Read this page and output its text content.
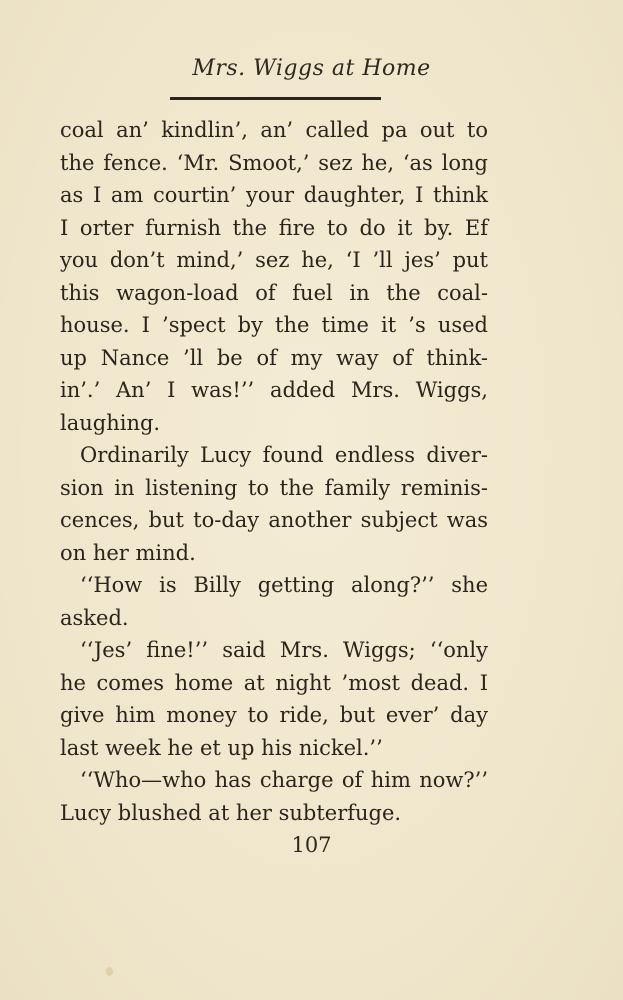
Mrs. Wiggs at Home
coal an’ kindlin’, an’ called pa out to
the fence. ‘Mr. Smoot,’ sez he, ‘as long
as I am courtin’ your daughter, I think
I orter furnish the fire to do it by. Ef
you don’t mind,’ sez he, ‘I ’ll jes’ put
this wagon-load of fuel in the coal-
house. I ’spect by the time it ’s used
up Nance ’ll be of my way of think-
in’.’ An’ I was!’’ added Mrs. Wiggs,
laughing.
Ordinarily Lucy found endless diver-
sion in listening to the family reminis-
cences, but to-day another subject was
on her mind.
‘‘How is Billy getting along?’’ she
asked.
‘‘Jes’ fine!’’ said Mrs. Wiggs; ‘‘only
he comes home at night ’most dead. I
give him money to ride, but ever’ day
last week he et up his nickel.’’
‘‘Who—who has charge of him now?’’
Lucy blushed at her subterfuge.
107
